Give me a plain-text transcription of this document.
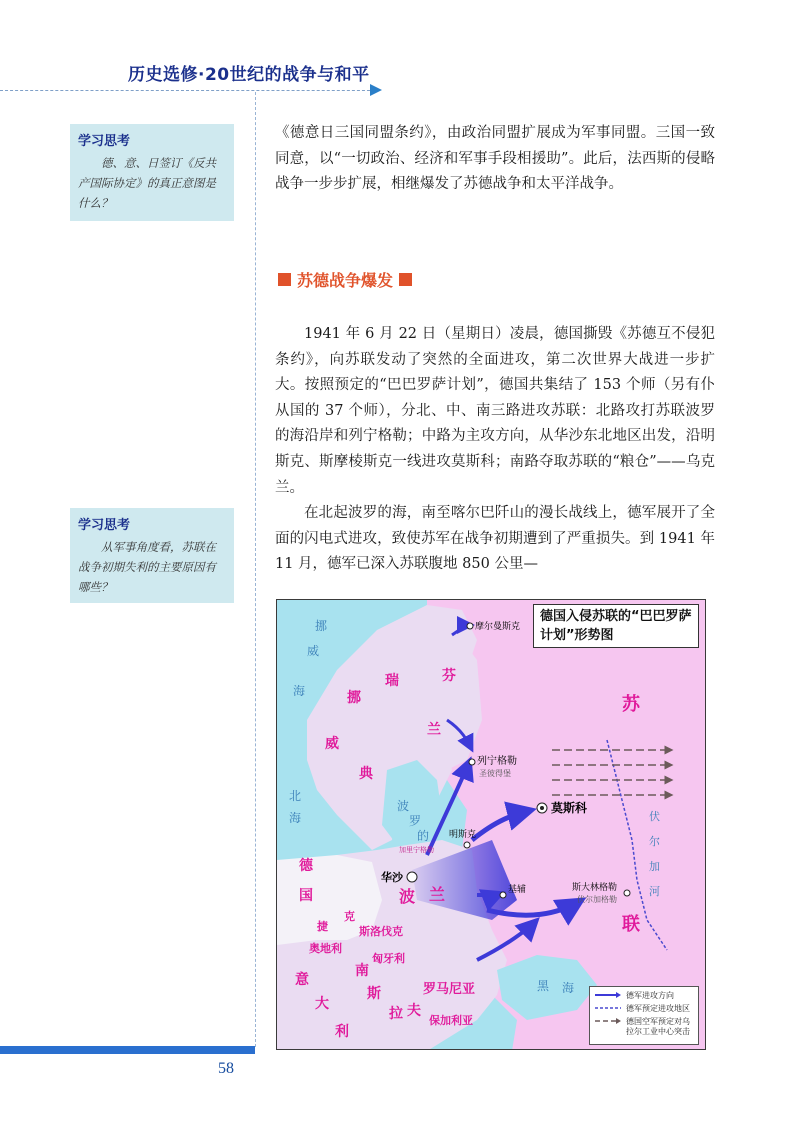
历史选修·20世纪的战争与和平
学习思考
德、意、日签订《反共产国际协定》的真正意图是什么？
学习思考
从军事角度看，苏联在战争初期失利的主要原因有哪些？

《德意日三国同盟条约》，由政治同盟扩展成为军事同盟。三国一致同意，以“一切政治、经济和军事手段相援助”。此后，法西斯的侵略战争一步步扩展，相继爆发了苏德战争和太平洋战争。

苏德战争爆发

1941 年 6 月 22 日（星期日）凌晨，德国撕毁《苏德互不侵犯条约》，向苏联发动了突然的全面进攻，第二次世界大战进一步扩大。按照预定的“巴巴罗萨计划”，德国共集结了 153 个师（另有仆从国的 37 个师），分北、中、南三路进攻苏联：北路攻打苏联波罗的海沿岸和列宁格勒；中路为主攻方向，从华沙东北地区出发，沿明斯克、斯摩棱斯克一线进攻莫斯科；南路夺取苏联的“粮仓”——乌克兰。

在北起波罗的海，南至喀尔巴阡山的漫长战线上，德军展开了全面的闪电式进攻，致使苏军在战争初期遭到了严重损失。到 1941 年 11 月，德军已深入苏联腹地 850 公里—

摩尔曼斯克
列宁格勒
圣彼得堡
莫斯科
明斯克
华沙
基辅	斯大林格勒
伏尔加格勒
加里宁格勒
挪
威
瑞
典
芬
兰
苏
联
德
国	波 兰
捷
克
斯洛伐克
奥地利
匈牙利
罗马尼亚
南
斯
拉 夫
保加利亚
意
大
利
挪
威
海
北
海
波
罗
的
黑 海
伏
尔
加
河
德国入侵苏联的“巴巴罗萨计划”形势图
德军进攻方向
德军预定进攻地区
德国空军预定对乌拉尔工业中心突击
58
